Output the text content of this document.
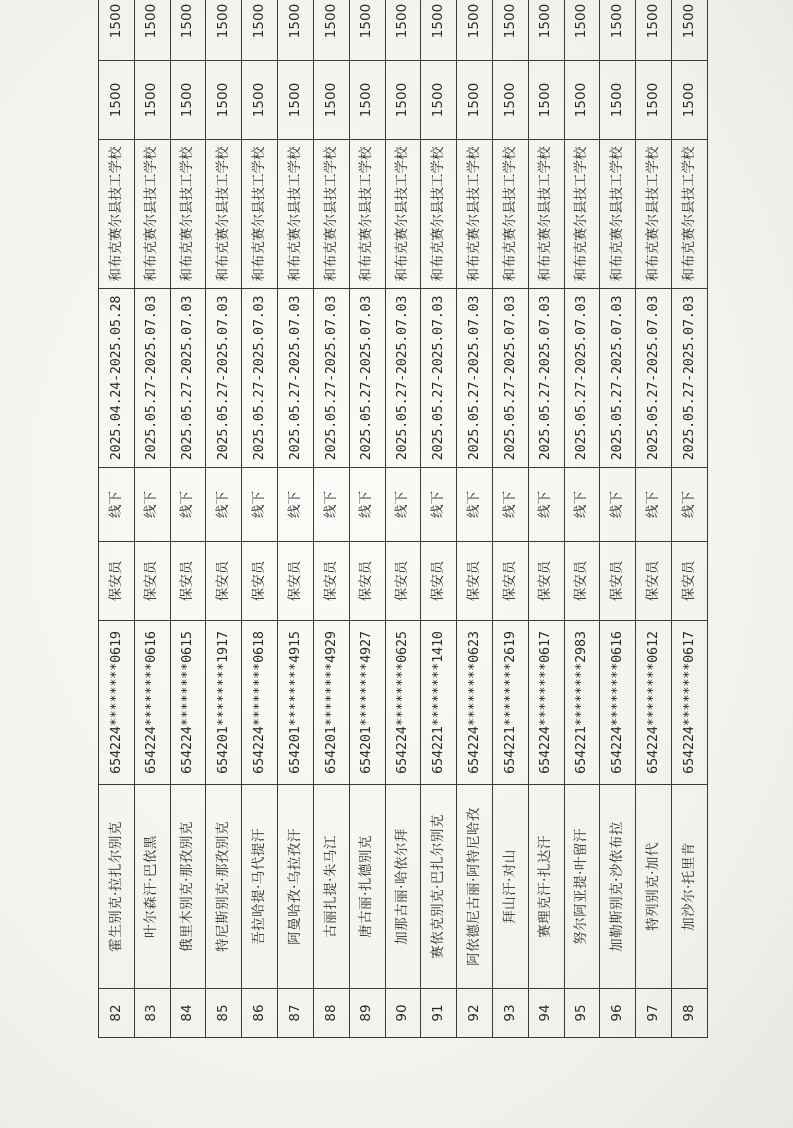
82	霍生别克·拉扎尔别克	654224********0619	保安员	线下	2025.04.24-2025.05.28	和布克赛尔县技工学校	1500	1500
83	叶尔森汗·巴依黑	654224********0616	保安员	线下	2025.05.27-2025.07.03	和布克赛尔县技工学校	1500	1500
84	俄里木别克·那孜别克	654224********0615	保安员	线下	2025.05.27-2025.07.03	和布克赛尔县技工学校	1500	1500
85	特尼斯别克·那孜别克	654201********1917	保安员	线下	2025.05.27-2025.07.03	和布克赛尔县技工学校	1500	1500
86	吾拉哈提·马代提汗	654224********0618	保安员	线下	2025.05.27-2025.07.03	和布克赛尔县技工学校	1500	1500
87	阿曼哈孜·乌拉孜汗	654201********4915	保安员	线下	2025.05.27-2025.07.03	和布克赛尔县技工学校	1500	1500
88	古丽扎提·朱马江	654201********4929	保安员	线下	2025.05.27-2025.07.03	和布克赛尔县技工学校	1500	1500
89	唐古丽·扎德别克	654201********4927	保安员	线下	2025.05.27-2025.07.03	和布克赛尔县技工学校	1500	1500
90	加那古丽·哈依尔拜	654224********0625	保安员	线下	2025.05.27-2025.07.03	和布克赛尔县技工学校	1500	1500
91	赛依克别克·巴扎尔别克	654221********1410	保安员	线下	2025.05.27-2025.07.03	和布克赛尔县技工学校	1500	1500
92	阿依德尼古丽·阿特尼哈孜	654224********0623	保安员	线下	2025.05.27-2025.07.03	和布克赛尔县技工学校	1500	1500
93	拜山汗·对山	654221********2619	保安员	线下	2025.05.27-2025.07.03	和布克赛尔县技工学校	1500	1500
94	赛理克汗·扎达汗	654224********0617	保安员	线下	2025.05.27-2025.07.03	和布克赛尔县技工学校	1500	1500
95	努尔阿亚提·叶留汗	654221********2983	保安员	线下	2025.05.27-2025.07.03	和布克赛尔县技工学校	1500	1500
96	加勒斯别克·沙依布拉	654224********0616	保安员	线下	2025.05.27-2025.07.03	和布克赛尔县技工学校	1500	1500
97	特列别克·加代	654224********0612	保安员	线下	2025.05.27-2025.07.03	和布克赛尔县技工学校	1500	1500
98	加沙尔·托里肯	654224********0617	保安员	线下	2025.05.27-2025.07.03	和布克赛尔县技工学校	1500	1500
